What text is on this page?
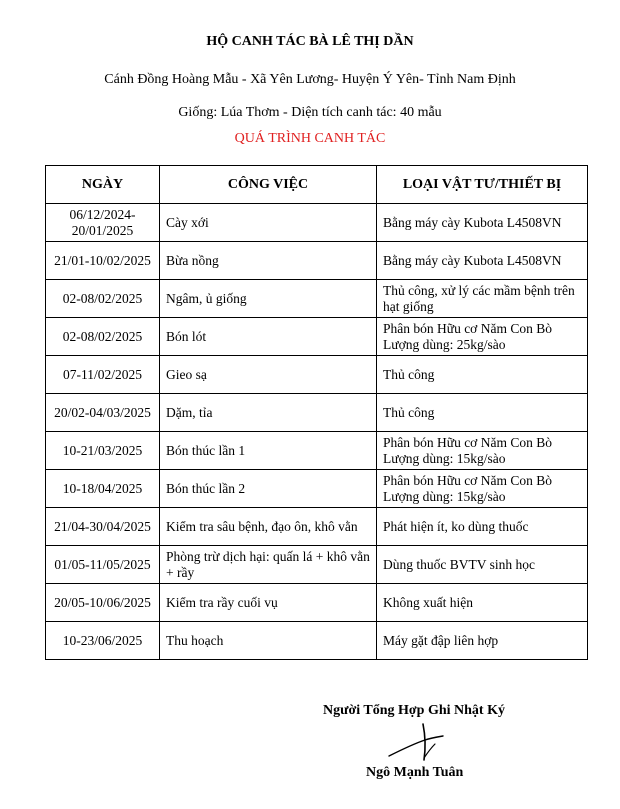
HỘ CANH TÁC BÀ LÊ THỊ DẦN
Cánh Đồng Hoàng Mẫu - Xã Yên Lương- Huyện Ý Yên- Tỉnh Nam Định
Giống: Lúa Thơm - Diện tích canh tác: 40 mẫu
QUÁ TRÌNH CANH TÁC
NGÀY	CÔNG VIỆC	LOẠI VẬT TƯ/THIẾT BỊ
06/12/2024-20/01/2025	Cày xới	Bằng máy cày Kubota L4508VN
21/01-10/02/2025	Bừa nồng	Bằng máy cày Kubota L4508VN
02-08/02/2025	Ngâm, ủ giống	Thủ công, xử lý các mầm bệnh trên hạt giống
02-08/02/2025	Bón lót	Phân bón Hữu cơ Năm Con Bò Lượng dùng: 25kg/sào
07-11/02/2025	Gieo sạ	Thủ công
20/02-04/03/2025	Dặm, tỉa	Thủ công
10-21/03/2025	Bón thúc lần 1	Phân bón Hữu cơ Năm Con Bò Lượng dùng: 15kg/sào
10-18/04/2025	Bón thúc lần 2	Phân bón Hữu cơ Năm Con Bò Lượng dùng: 15kg/sào
21/04-30/04/2025	Kiểm tra sâu bệnh, đạo ôn, khô vằn	Phát hiện ít, ko dùng thuốc
01/05-11/05/2025	Phòng trừ dịch hại: quấn lá + khô vằn + rầy	Dùng thuốc BVTV sinh học
20/05-10/06/2025	Kiểm tra rầy cuối vụ	Không xuất hiện
10-23/06/2025	Thu hoạch	Máy gặt đập liên hợp
Người Tổng Hợp Ghi Nhật Ký
Ngô Mạnh Tuân
